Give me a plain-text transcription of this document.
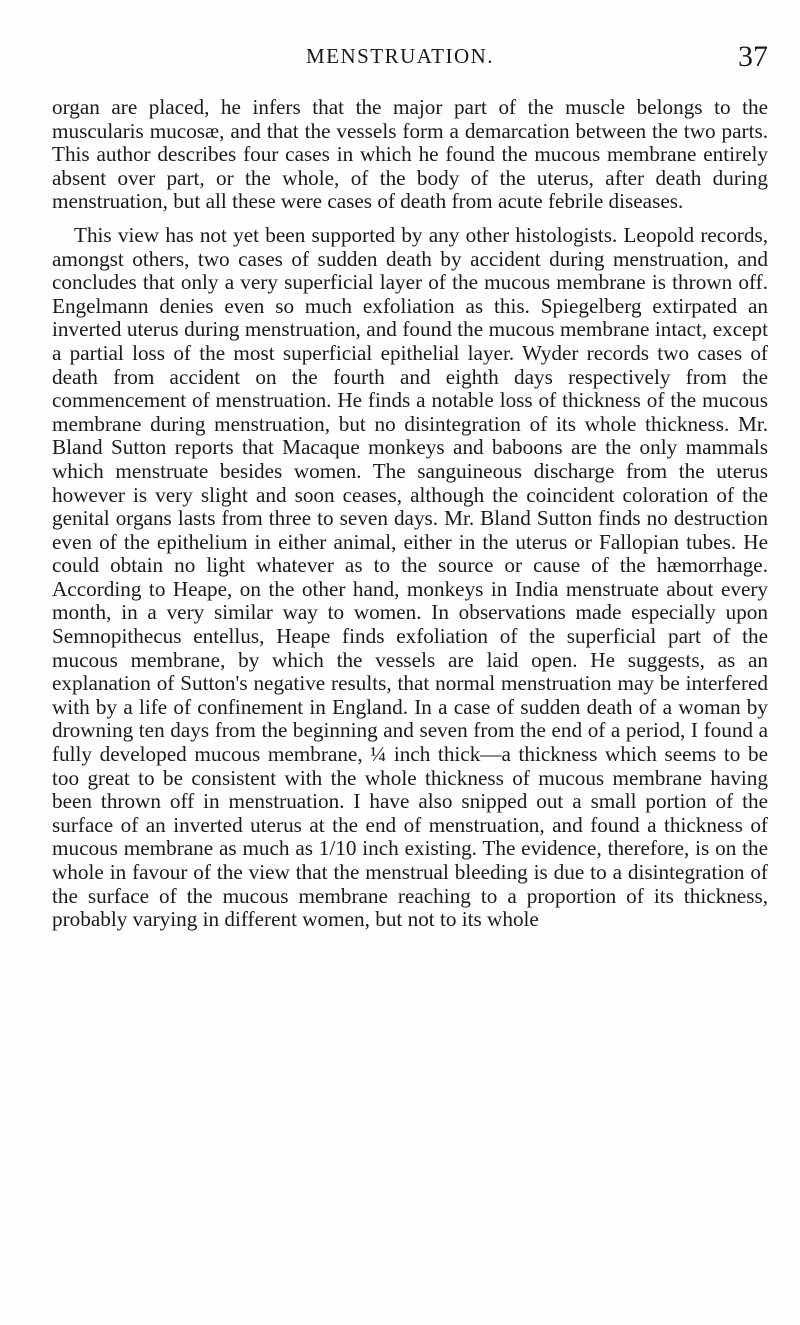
MENSTRUATION.	37

organ are placed, he infers that the major part of the muscle belongs to the muscularis mucosæ, and that the vessels form a demarcation between the two parts. This author describes four cases in which he found the mucous membrane entirely absent over part, or the whole, of the body of the uterus, after death during menstruation, but all these were cases of death from acute febrile diseases.

This view has not yet been supported by any other histologists. Leopold records, amongst others, two cases of sudden death by accident during menstruation, and concludes that only a very superficial layer of the mucous membrane is thrown off. Engelmann denies even so much exfoliation as this. Spiegelberg extirpated an inverted uterus during menstruation, and found the mucous membrane intact, except a partial loss of the most superficial epithelial layer. Wyder records two cases of death from accident on the fourth and eighth days respectively from the commencement of menstruation. He finds a notable loss of thickness of the mucous membrane during menstruation, but no disintegration of its whole thickness. Mr. Bland Sutton reports that Macaque monkeys and baboons are the only mammals which menstruate besides women. The sanguineous discharge from the uterus however is very slight and soon ceases, although the coincident coloration of the genital organs lasts from three to seven days. Mr. Bland Sutton finds no destruction even of the epithelium in either animal, either in the uterus or Fallopian tubes. He could obtain no light whatever as to the source or cause of the hæmorrhage. According to Heape, on the other hand, monkeys in India menstruate about every month, in a very similar way to women. In observations made especially upon Semnopithecus entellus, Heape finds exfoliation of the superficial part of the mucous membrane, by which the vessels are laid open. He suggests, as an explanation of Sutton's negative results, that normal menstruation may be interfered with by a life of confinement in England. In a case of sudden death of a woman by drowning ten days from the beginning and seven from the end of a period, I found a fully developed mucous membrane, ¼ inch thick—a thickness which seems to be too great to be consistent with the whole thickness of mucous membrane having been thrown off in menstruation. I have also snipped out a small portion of the surface of an inverted uterus at the end of menstruation, and found a thickness of mucous membrane as much as 1/10 inch existing. The evidence, therefore, is on the whole in favour of the view that the menstrual bleeding is due to a disintegration of the surface of the mucous membrane reaching to a proportion of its thickness, probably varying in different women, but not to its whole
